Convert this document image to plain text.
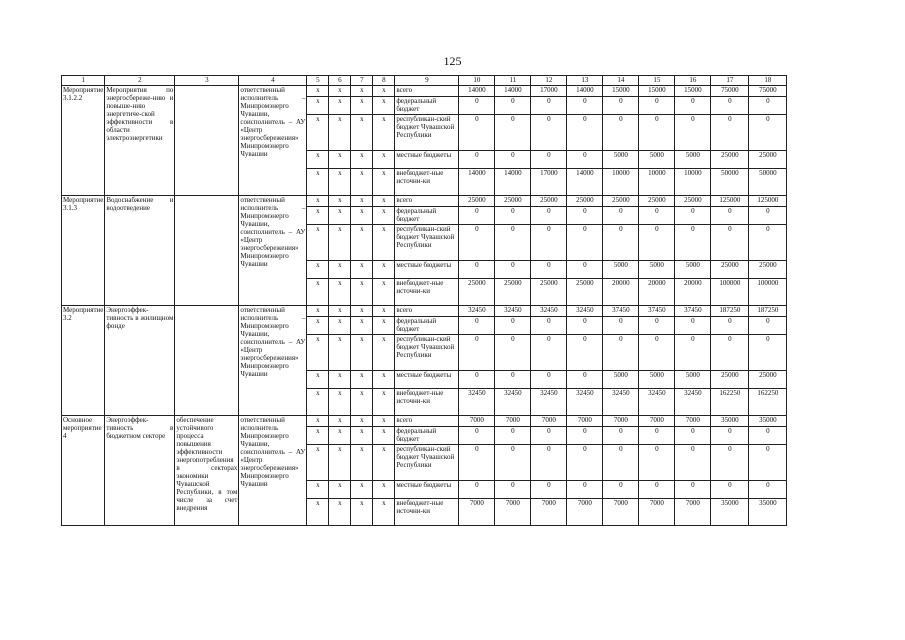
125
1	2	3	4	5	6	7	8	9	10	11	12	13	14	15	16	17	18
Мероприятие 3.1.2.2	Мероприятия по энергосбереже-нию и повыше-нию энергетиче-ской эффективности в области электроэнергетики		ответственный исполнитель – Минпромэнерго Чувашии, соисполнитель – АУ «Центр энергосбережения» Минпромэнерго Чувашии	х	х	х	х	всего	14000	14000	17000	14000	15000	15000	15000	75000	75000
				х	х	х	х	федеральный бюджет	0	0	0	0	0	0	0	0	0
				х	х	х	х	республикан-ский бюджет Чувашской Республики	0	0	0	0	0	0	0	0	0
				х	х	х	х	местные бюджеты	0	0	0	0	5000	5000	5000	25000	25000
				х	х	х	х	внебюджет-ные источни-ки	14000	14000	17000	14000	10000	10000	10000	50000	50000
Мероприятие 3.1.3	Водоснабжение и водоотведение		ответственный исполнитель – Минпромэнерго Чувашии, соисполнитель – АУ «Центр энергосбережения» Минпромэнерго Чувашии	х	х	х	х	всего	25000	25000	25000	25000	25000	25000	25000	125000	125000
				х	х	х	х	федеральный бюджет	0	0	0	0	0	0	0	0	0
				х	х	х	х	республикан-ский бюджет Чувашской Республики	0	0	0	0	0	0	0	0	0
				х	х	х	х	местные бюджеты	0	0	0	0	5000	5000	5000	25000	25000
				х	х	х	х	внебюджет-ные источни-ки	25000	25000	25000	25000	20000	20000	20000	100000	100000
Мероприятие 3.2	Энергоэффек-тивность в жилищном фонде		ответственный исполнитель – Минпромэнерго Чувашии, соисполнитель – АУ «Центр энергосбережения» Минпромэнерго Чувашии	х	х	х	х	всего	32450	32450	32450	32450	37450	37450	37450	187250	187250
				х	х	х	х	федеральный бюджет	0	0	0	0	0	0	0	0	0
				х	х	х	х	республикан-ский бюджет Чувашской Республики	0	0	0	0	0	0	0	0	0
				х	х	х	х	местные бюджеты	0	0	0	0	5000	5000	5000	25000	25000
				х	х	х	х	внебюджет-ные источни-ки	32450	32450	32450	32450	32450	32450	32450	162250	162250
Основное мероприятие 4	Энергоэффек-тивность в бюджетном секторе	обеспечение устойчивого процесса повышения эффективности энергопотребления в секторах экономики Чувашской Республики, в том числе за счет внедрения	ответственный исполнитель Минпромэнерго Чувашии, соисполнитель – АУ «Центр энергосбережения» Минпромэнерго Чувашии	х	х	х	х	всего	7000	7000	7000	7000	7000	7000	7000	35000	35000
				х	х	х	х	федеральный бюджет	0	0	0	0	0	0	0	0	0
				х	х	х	х	республикан-ский бюджет Чувашской Республики	0	0	0	0	0	0	0	0	0
				х	х	х	х	местные бюджеты	0	0	0	0	0	0	0	0	0
				х	х	х	х	внебюджет-ные источни-ки	7000	7000	7000	7000	7000	7000	7000	35000	35000
